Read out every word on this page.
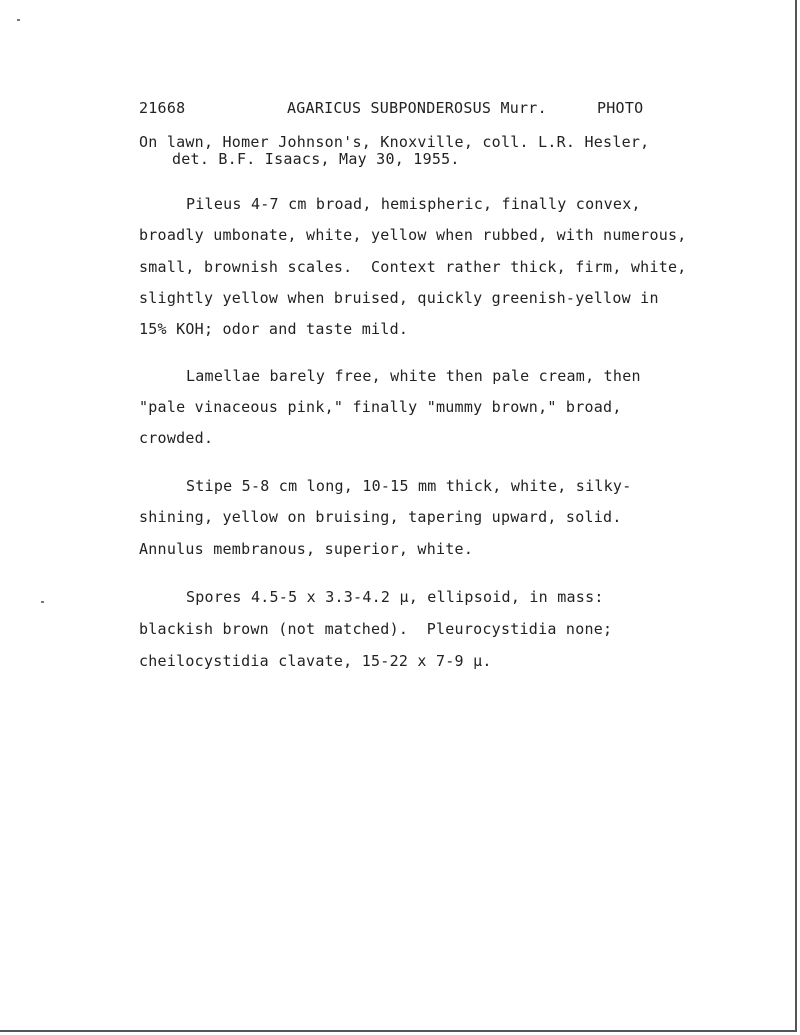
21668	AGARICUS SUBPONDEROSUS Murr.	PHOTO
On lawn, Homer Johnson's, Knoxville, coll. L.R. Hesler,
det. B.F. Isaacs, May 30, 1955.
Pileus 4-7 cm broad, hemispheric, finally convex,
broadly umbonate, white, yellow when rubbed, with numerous,
small, brownish scales.  Context rather thick, firm, white,
slightly yellow when bruised, quickly greenish-yellow in
15% KOH; odor and taste mild.
Lamellae barely free, white then pale cream, then
"pale vinaceous pink," finally "mummy brown," broad,
crowded.
Stipe 5-8 cm long, 10-15 mm thick, white, silky-
shining, yellow on bruising, tapering upward, solid.
Annulus membranous, superior, white.
Spores 4.5-5 x 3.3-4.2 µ, ellipsoid, in mass:
blackish brown (not matched).  Pleurocystidia none;
cheilocystidia clavate, 15-22 x 7-9 µ.
